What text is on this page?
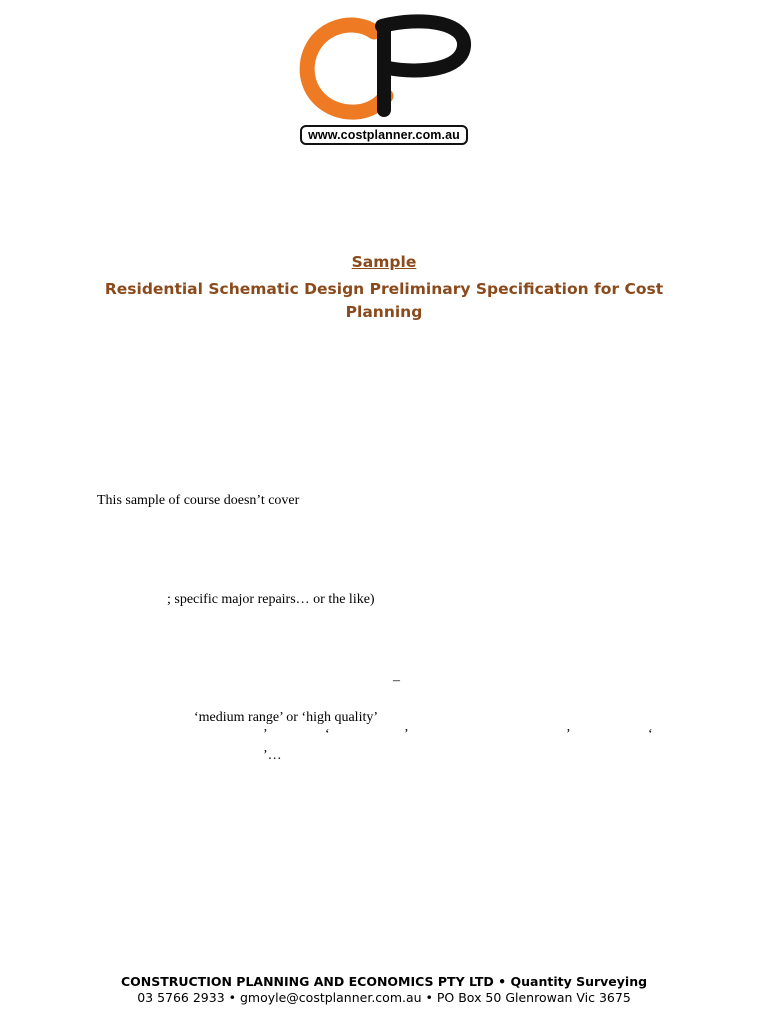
www.costplanner.com.au
Sample
Residential Schematic Design Preliminary Specification for Cost
Planning
This sample of course doesn’t cover
; specific major repairs… or the like)
–
‘medium range’ or ‘high quality’
’	‘	’	’	‘
’…
CONSTRUCTION PLANNING AND ECONOMICS PTY LTD • Quantity Surveying
03 5766 2933 • gmoyle@costplanner.com.au • PO Box 50 Glenrowan Vic 3675
